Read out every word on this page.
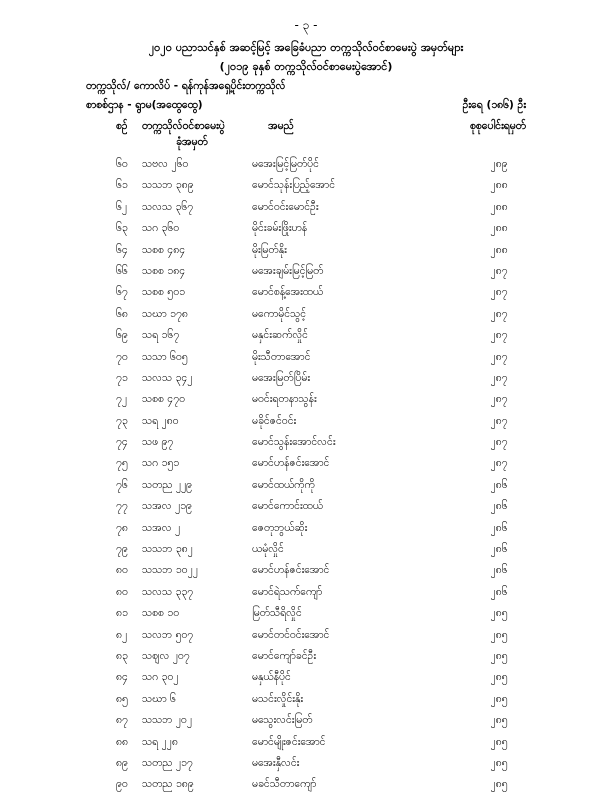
- ၃ -
၂၀၂၀ ပညာသင်နှစ် အဆင့်မြင့် အခြေခံပညာ တက္ကသိုလ်ဝင်စာမေးပွဲ အမှတ်များ
(၂၀၁၉ ခုနှစ် တက္ကသိုလ်ဝင်စာမေးပွဲအောင်)
တက္ကသိုလ်/ ကောလိပ် - ရန်ကုန်အရှေ့ပိုင်းတက္ကသိုလ်
စာစစ်ဌာန - ရွာမ(အထွေထွေ)	ဦးရေ (၁၈၆) ဦး
စဉ် တက္ကသိုလ်ဝင်စာမေးပွဲ
ခုံအမှတ်
အမည်	စုစုပေါင်းရမှတ်
၆၀ သဗလ ၂၆၀	မအေးမြင့်မြတ်ပိုင်	၂၈၉
၆၁ သသဘ ၃၈၉	မောင်သုန်းပြည့်အောင်	၂၈၈
၆၂ သလသ ၃၆၇	မောင်ဝင်းမောင်ဦး	၂၈၈
၆၃ သဂ ၃၆၀	မိုင်းခမ်းဖြိုးဟန်	၂၈၈
၆၄ သစစ ၄၈၄	မိုးမြတ်နိုး	၂၈၈
၆၆ သစစ ၁၈၄	မအေးချမ်းမြင့်မြတ်	၂၈၇
၆၇ သစစ ၅၀၁	မောင်စန့်အေးထယ်	၂၈၇
၆၈ သဃာ ၁၇၈	မကောမိုင်သွင့်	၂၈၇
၆၉ သရ ၁၆၇	မနှင်းဆက်လှိုင်	၂၈၇
၇၀ သသာ ၆၀၅	မိုးသီတာအောင်	၂၈၇
၇၁ သလသ ၃၄၂	မအေးမြတ်ပြိမ်း	၂၈၇
၇၂ သစစ ၄၇၀	မဝင်းရတနာသွန်း	၂၈၇
၇၃ သရ ၂၈၀	မခိုင်ဇင်ဝင်း	၂၈၇
၇၄ သဖ ၉၇	မောင်သွန်းအောင်လင်း	၂၈၇
၇၅ သဂ ၁၅၁	မောင်ဟန်ဇင်းအောင်	၂၈၇
၇၆ သတည ၂၂၉	မောင်ထယ်ကိုကို	၂၈၆
၇၇ သအလ ၂၁၉	မောင်ကောင်းထယ်	၂၈၆
၇၈ သအလ ၂	ဇေတုဘွယ်ဆိုး	၂၈၆
၇၉ သသဘ ၃၈၂	ယမုံလှိုင်	၂၈၆
၈၀ သသဘ ၁၀၂၂	မောင်ဟန်ဇင်းအောင်	၂၈၆
၈၀ သလသ ၃၃၇	မောင်ရဲသက်ကျော်	၂၈၆
၈၁ သစစ ၁၀	မြတ်သီရိလှိုင်	၂၈၅
၈၂ သလဘ ၅၀၇	မောင်တင်ဝင်းအောင်	၂၈၅
၈၃ သဈလ ၂၀၇	မောင်ကျော်ခင်ဦး	၂၈၅
၈၄ သဂ ၃၀၂	မနှယ်နီပိုင်	၂၈၅
၈၅ သဃာ ၆	မသင်းလှိုင်းနိုး	၂၈၅
၈၇ သသဘ ၂၀၂	မသွေးလင်းမြတ်	၂၈၅
၈၈ သရ ၂၂၈	မောင်မျိုးဇင်းအောင်	၂၈၅
၈၉ သတည ၂၁၇	မအေးနှီလင်း	၂၈၅
၉၀ သတည ၁၈၉	မခင်သီတာကျော်	၂၈၅
